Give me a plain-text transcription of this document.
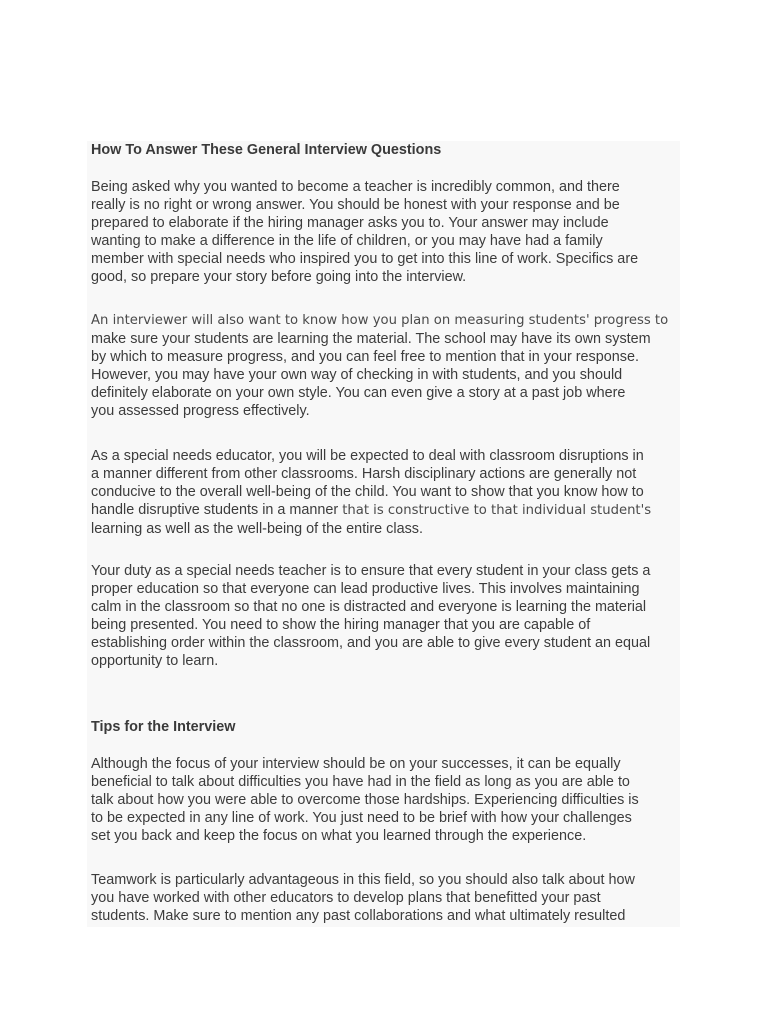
How To Answer These General Interview Questions
Being asked why you wanted to become a teacher is incredibly common, and there
really is no right or wrong answer. You should be honest with your response and be
prepared to elaborate if the hiring manager asks you to. Your answer may include
wanting to make a difference in the life of children, or you may have had a family
member with special needs who inspired you to get into this line of work. Specifics are
good, so prepare your story before going into the interview.
An interviewer will also want to know how you plan on measuring students' progress to
make sure your students are learning the material. The school may have its own system
by which to measure progress, and you can feel free to mention that in your response.
However, you may have your own way of checking in with students, and you should
definitely elaborate on your own style. You can even give a story at a past job where
you assessed progress effectively.
As a special needs educator, you will be expected to deal with classroom disruptions in
a manner different from other classrooms. Harsh disciplinary actions are generally not
conducive to the overall well-being of the child. You want to show that you know how to
handle disruptive students in a manner that is constructive to that individual student's
learning as well as the well-being of the entire class.
Your duty as a special needs teacher is to ensure that every student in your class gets a
proper education so that everyone can lead productive lives. This involves maintaining
calm in the classroom so that no one is distracted and everyone is learning the material
being presented. You need to show the hiring manager that you are capable of
establishing order within the classroom, and you are able to give every student an equal
opportunity to learn.
Tips for the Interview
Although the focus of your interview should be on your successes, it can be equally
beneficial to talk about difficulties you have had in the field as long as you are able to
talk about how you were able to overcome those hardships. Experiencing difficulties is
to be expected in any line of work. You just need to be brief with how your challenges
set you back and keep the focus on what you learned through the experience.
Teamwork is particularly advantageous in this field, so you should also talk about how
you have worked with other educators to develop plans that benefitted your past
students. Make sure to mention any past collaborations and what ultimately resulted
